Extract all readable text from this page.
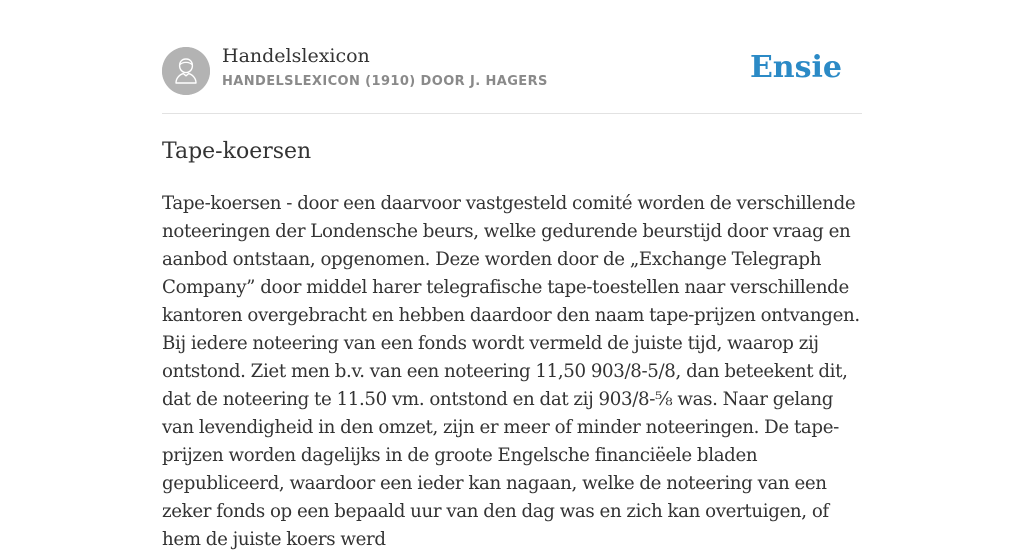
Handelslexicon
HANDELSLEXICON (1910) DOOR J. HAGERS	Ensie
Tape-koersen

Tape-koersen - door een daarvoor vastgesteld comité worden de verschillende noteeringen der Londensche beurs, welke gedurende beurstijd door vraag en aanbod ontstaan, opgenomen. Deze worden door de „Exchange Telegraph Company” door middel harer telegrafische tape-toestellen naar verschillende kantoren overgebracht en hebben daardoor den naam tape-prijzen ontvangen. Bij iedere noteering van een fonds wordt vermeld de juiste tijd, waarop zij ontstond. Ziet men b.v. van een noteering 11,50 903/8-5/8, dan beteekent dit, dat de noteering te 11.50 vm. ontstond en dat zij 903/8-⅝ was. Naar gelang van levendigheid in den omzet, zijn er meer of minder noteeringen. De tape-prijzen worden dagelijks in de groote Engelsche financiëele bladen gepubliceerd, waardoor een ieder kan nagaan, welke de noteering van een zeker fonds op een bepaald uur van den dag was en zich kan overtuigen, of hem de juiste koers werd
